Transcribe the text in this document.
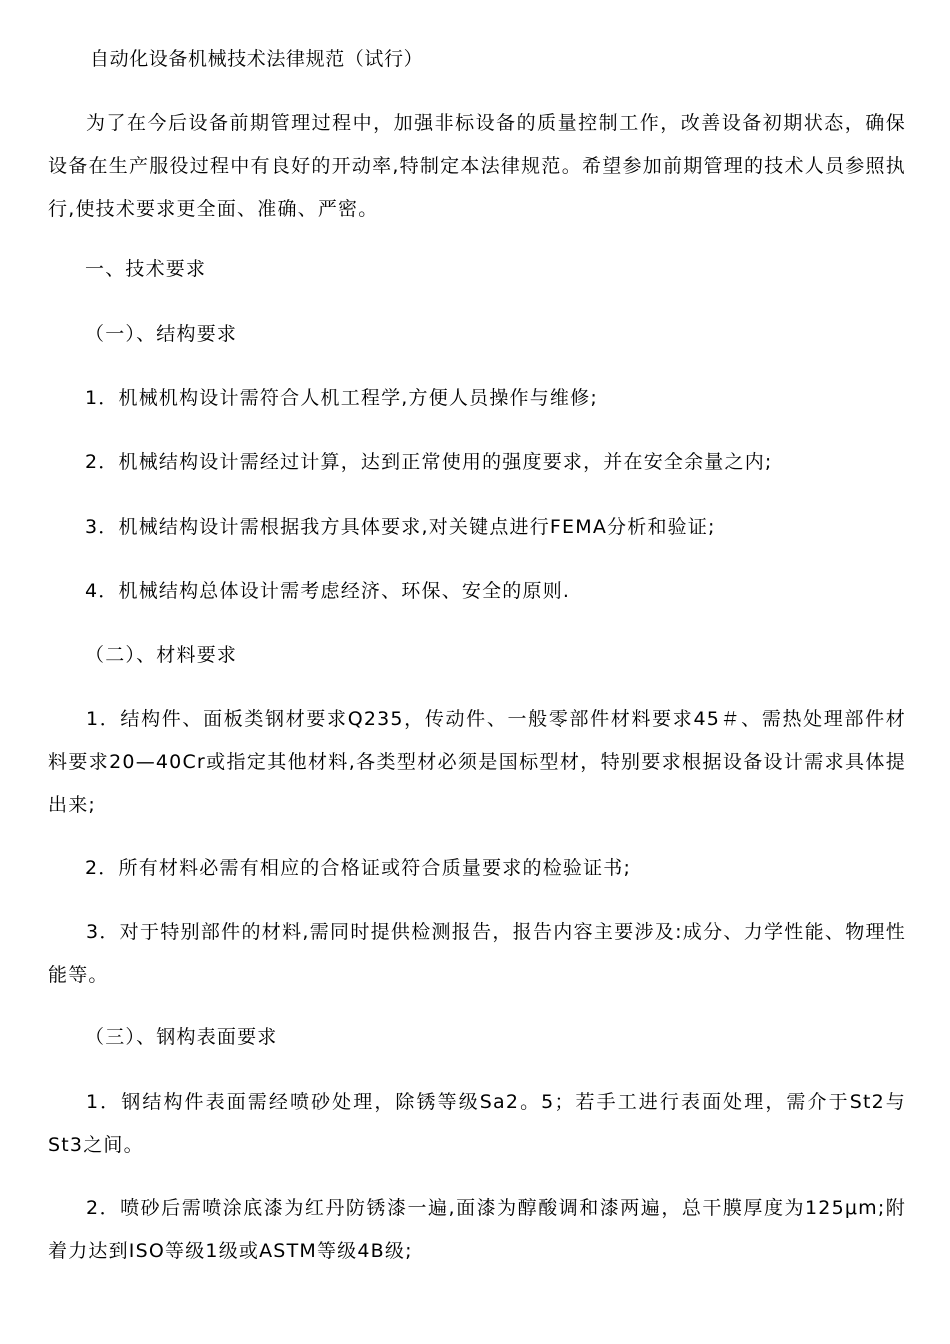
自动化设备机械技术法律规范（试行）
为了在今后设备前期管理过程中，加强非标设备的质量控制工作，改善设备初期状态，确保设备在生产服役过程中有良好的开动率,特制定本法律规范。希望参加前期管理的技术人员参照执行,使技术要求更全面、准确、严密。
一、技术要求
（一）、结构要求
1．机械机构设计需符合人机工程学,方便人员操作与维修;
2．机械结构设计需经过计算，达到正常使用的强度要求，并在安全余量之内;
3．机械结构设计需根据我方具体要求,对关键点进行FEMA分析和验证;
4．机械结构总体设计需考虑经济、环保、安全的原则.
（二）、材料要求
1．结构件、面板类钢材要求Q235，传动件、一般零部件材料要求45＃、需热处理部件材料要求20—40Cr或指定其他材料,各类型材必须是国标型材，特别要求根据设备设计需求具体提出来;
2．所有材料必需有相应的合格证或符合质量要求的检验证书;
3．对于特别部件的材料,需同时提供检测报告，报告内容主要涉及:成分、力学性能、物理性能等。
（三）、钢构表面要求
1．钢结构件表面需经喷砂处理，除锈等级Sa2。5；若手工进行表面处理，需介于St2与St3之间。
2．喷砂后需喷涂底漆为红丹防锈漆一遍,面漆为醇酸调和漆两遍，总干膜厚度为125μm;附着力达到ISO等级1级或ASTM等级4B级;
